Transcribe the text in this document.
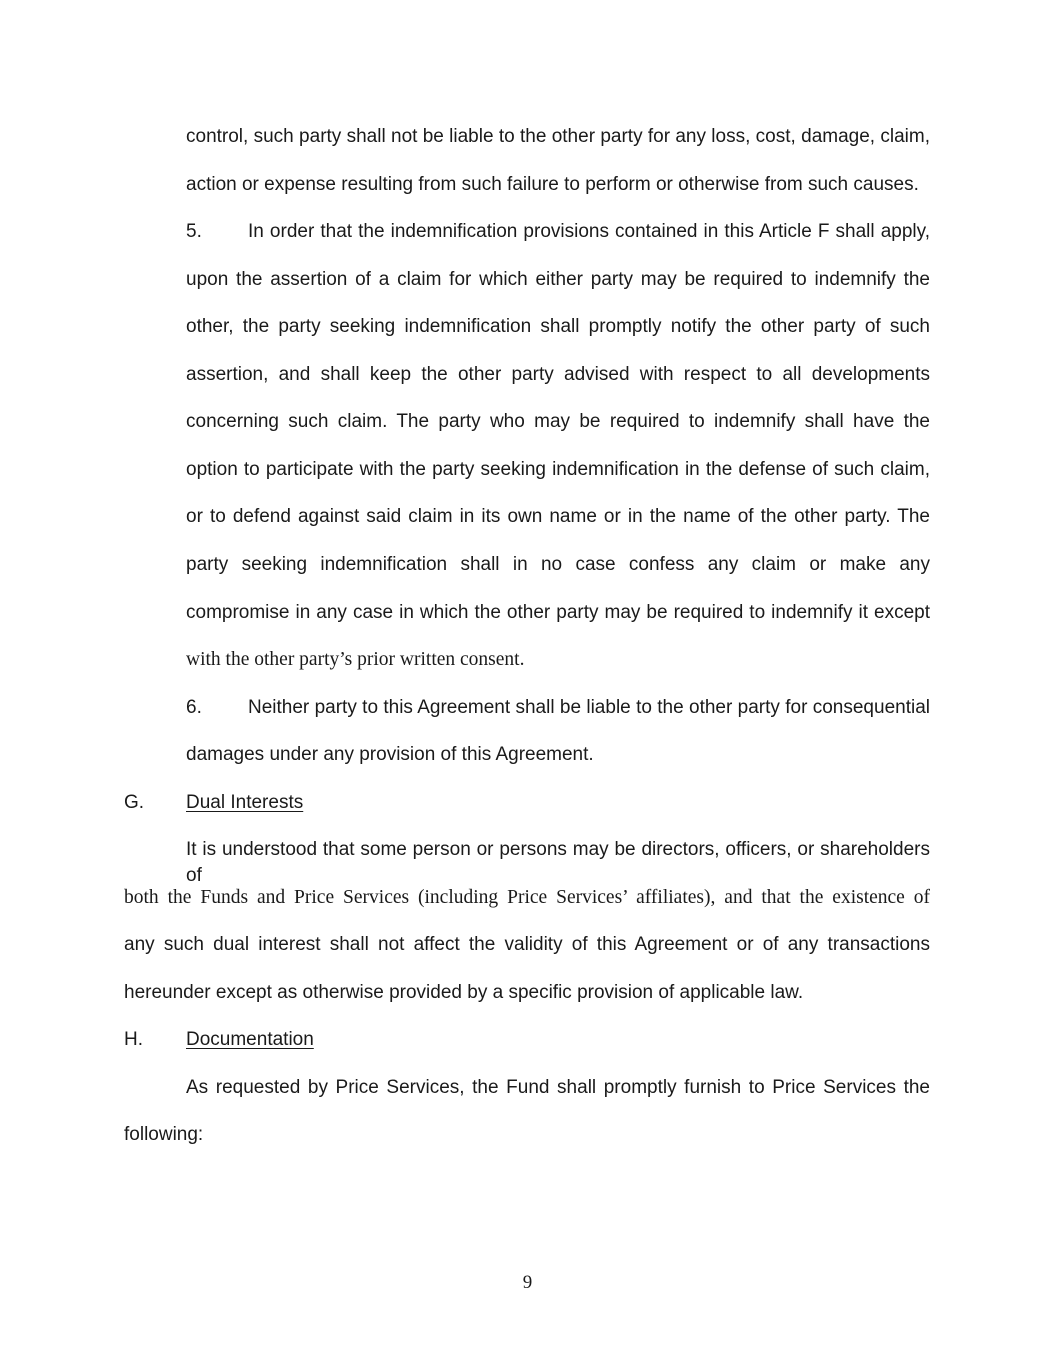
control, such party shall not be liable to the other party for any loss, cost, damage, claim,
action or expense resulting from such failure to perform or otherwise from such causes.
5. In order that the indemnification provisions contained in this Article F shall apply,
upon the assertion of a claim for which either party may be required to indemnify the
other, the party seeking indemnification shall promptly notify the other party of such
assertion, and shall keep the other party advised with respect to all developments
concerning such claim. The party who may be required to indemnify shall have the
option to participate with the party seeking indemnification in the defense of such claim,
or to defend against said claim in its own name or in the name of the other party. The
party seeking indemnification shall in no case confess any claim or make any
compromise in any case in which the other party may be required to indemnify it except
with the other party’s prior written consent.
6. Neither party to this Agreement shall be liable to the other party for consequential
damages under any provision of this Agreement.
G. Dual Interests
It is understood that some person or persons may be directors, officers, or shareholders of
both the Funds and Price Services (including Price Services’ affiliates), and that the existence of
any such dual interest shall not affect the validity of this Agreement or of any transactions
hereunder except as otherwise provided by a specific provision of applicable law.
H. Documentation
As requested by Price Services, the Fund shall promptly furnish to Price Services the
following:
9
